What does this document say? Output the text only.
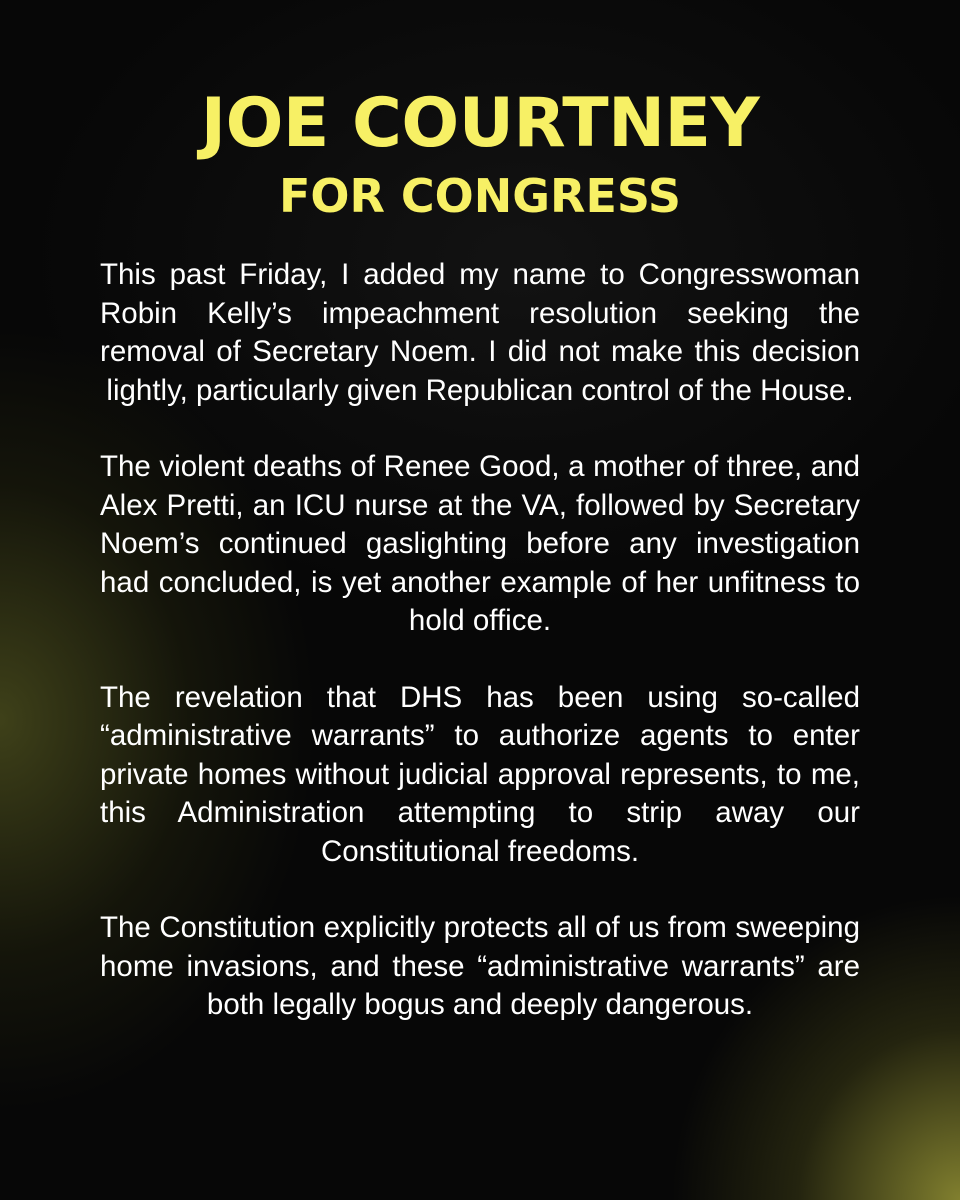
JOE COURTNEY
FOR CONGRESS

This past Friday, I added my name to Congresswoman Robin Kelly’s impeachment resolution seeking the removal of Secretary Noem. I did not make this decision lightly, particularly given Republican control of the House.

The violent deaths of Renee Good, a mother of three, and Alex Pretti, an ICU nurse at the VA, followed by Secretary Noem’s continued gaslighting before any investigation had concluded, is yet another example of her unfitness to hold office.

The revelation that DHS has been using so-called “administrative warrants” to authorize agents to enter private homes without judicial approval represents, to me, this Administration attempting to strip away our Constitutional freedoms.

The Constitution explicitly protects all of us from sweeping home invasions, and these “administrative warrants” are both legally bogus and deeply dangerous.
